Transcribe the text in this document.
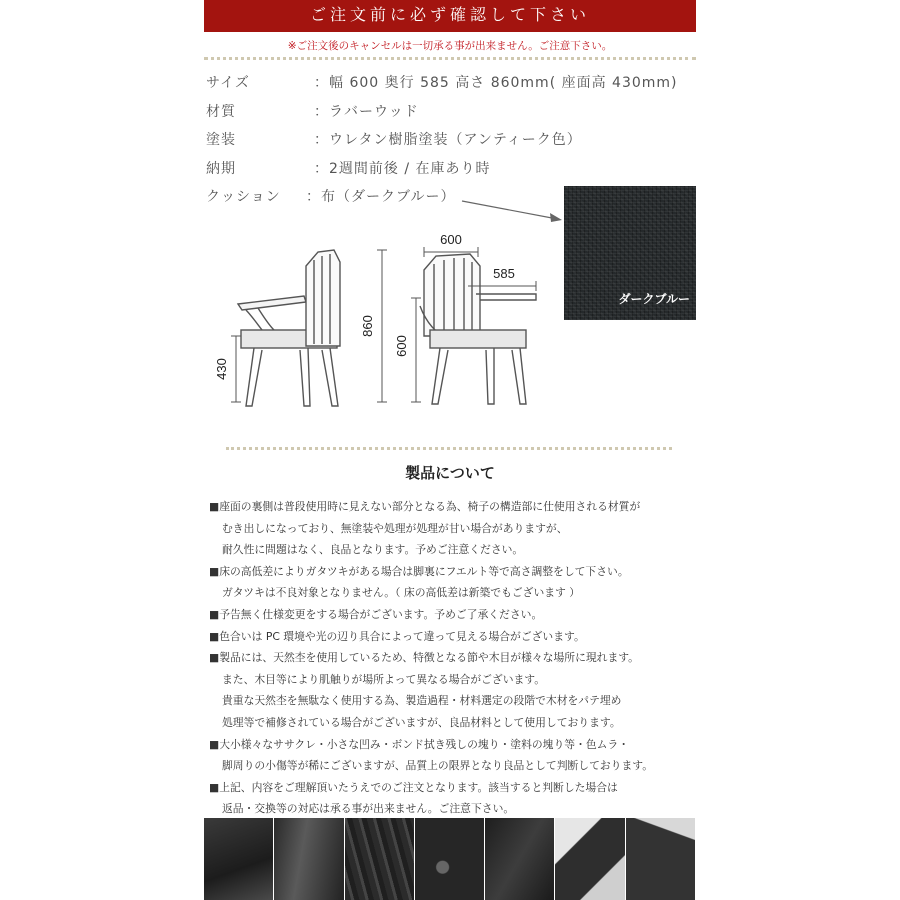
ご注文前に必ず確認して下さい
※ご注文後のキャンセルは一切承る事が出来ません。ご注意下さい。
サイズ	：幅 600 奥行 585 高さ 860mm( 座面高 430mm)
材質	：ラバーウッド
塗装	：ウレタン樹脂塗装（アンティーク色）
納期	：2週間前後 / 在庫あり時
クッション ：布（ダークブルー）
430
860
600
600
585
ダークブルー
製品について
■座面の裏側は普段使用時に見えない部分となる為、椅子の構造部に仕使用される材質が
むき出しになっており、無塗装や処理が処理が甘い場合がありますが、
耐久性に問題はなく、良品となります。予めご注意ください。
■床の高低差によりガタツキがある場合は脚裏にフエルト等で高さ調整をして下さい。
ガタツキは不良対象となりません。（ 床の高低差は新築でもございます ）
■予告無く仕様変更をする場合がございます。予めご了承ください。
■色合いは PC 環境や光の辺り具合によって違って見える場合がございます。
■製品には、天然杢を使用しているため、特徴となる節や木目が様々な場所に現れます。
また、木目等により肌触りが場所よって異なる場合がございます。
貴重な天然杢を無駄なく使用する為、製造過程・材料選定の段階で木材をパテ埋め
処理等で補修されている場合がございますが、良品材料として使用しております。
■大小様々なササクレ・小さな凹み・ボンド拭き残しの塊り・塗料の塊り等・色ムラ・
脚周りの小傷等が稀にございますが、品質上の限界となり良品として判断しております。
■上記、内容をご理解頂いたうえでのご注文となります。該当すると判断した場合は
返品・交換等の対応は承る事が出来ません。ご注意下さい。
